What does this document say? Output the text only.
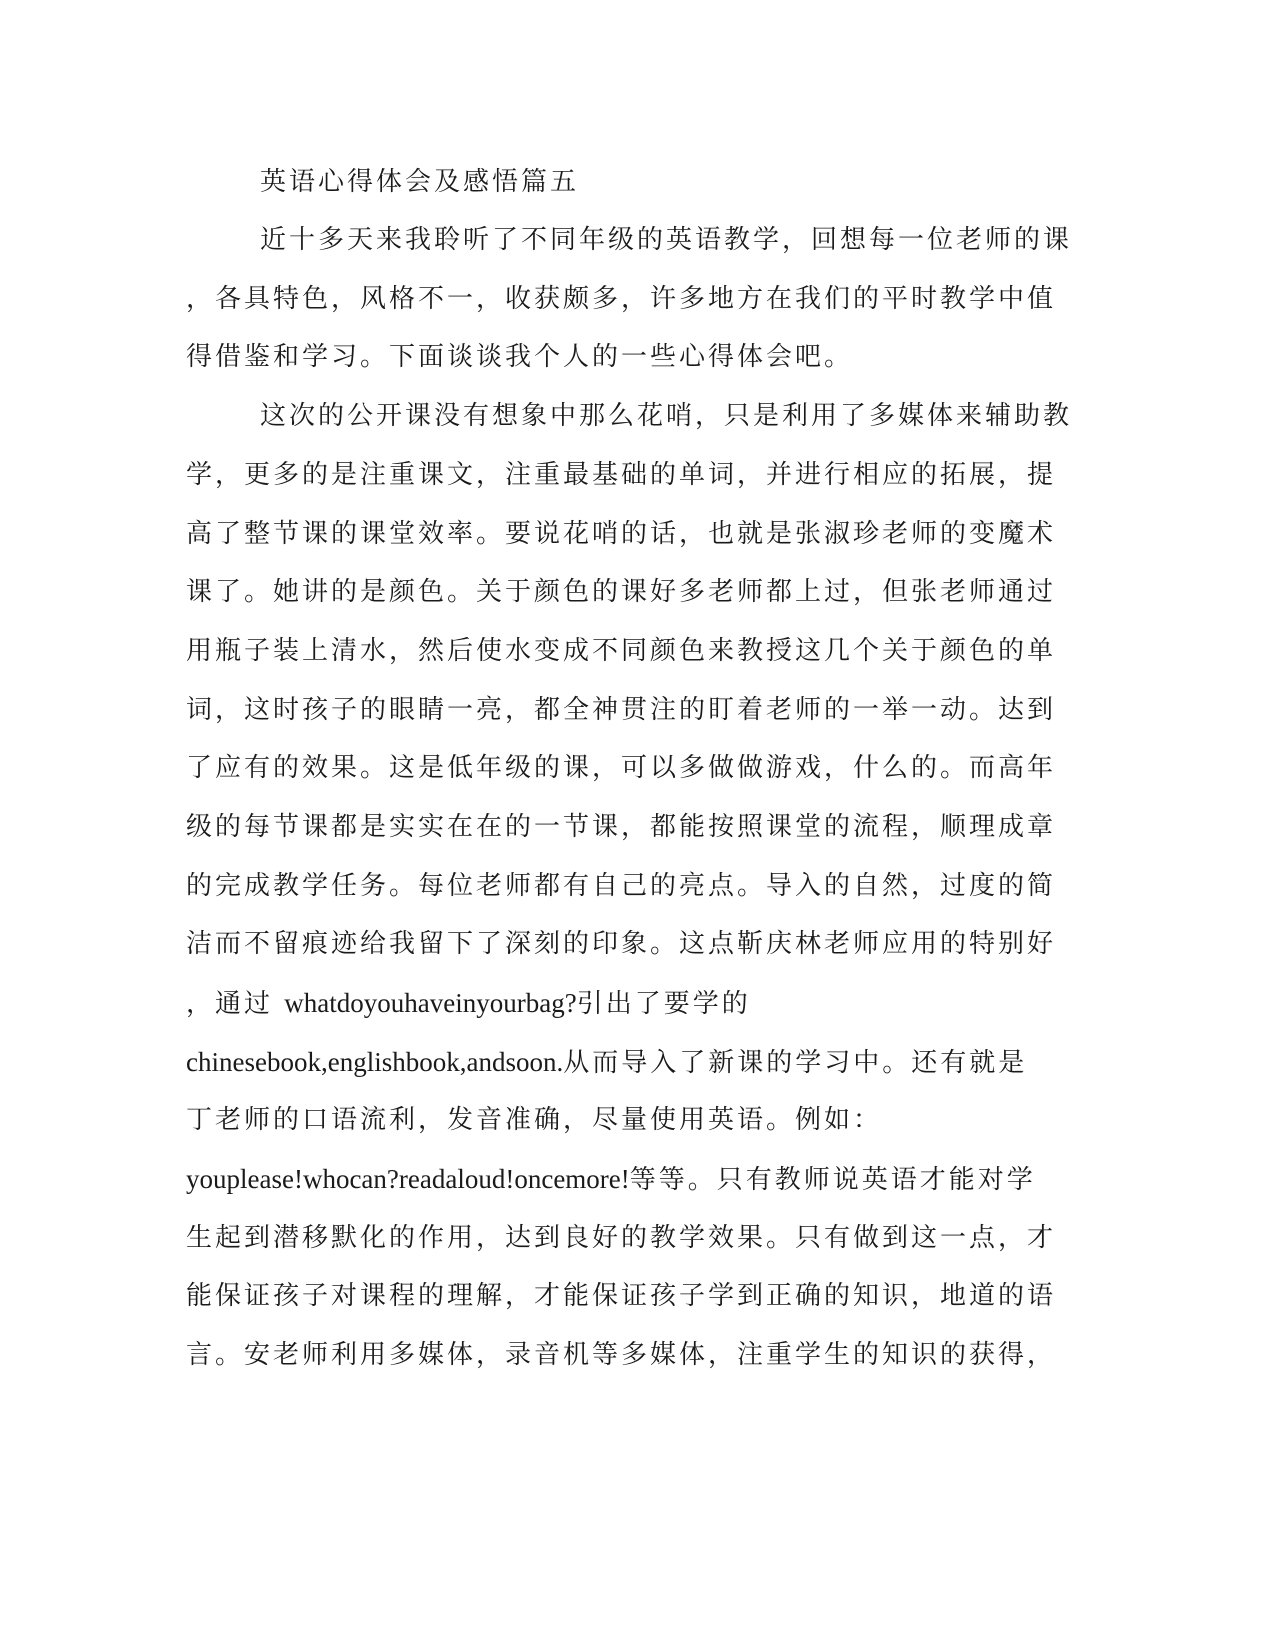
英语心得体会及感悟篇五
近十多天来我聆听了不同年级的英语教学，回想每一位老师的课
，各具特色，风格不一，收获颇多，许多地方在我们的平时教学中值
得借鉴和学习。下面谈谈我个人的一些心得体会吧。
这次的公开课没有想象中那么花哨，只是利用了多媒体来辅助教
学，更多的是注重课文，注重最基础的单词，并进行相应的拓展，提
高了整节课的课堂效率。要说花哨的话，也就是张淑珍老师的变魔术
课了。她讲的是颜色。关于颜色的课好多老师都上过，但张老师通过
用瓶子装上清水，然后使水变成不同颜色来教授这几个关于颜色的单
词，这时孩子的眼睛一亮，都全神贯注的盯着老师的一举一动。达到
了应有的效果。这是低年级的课，可以多做做游戏，什么的。而高年
级的每节课都是实实在在的一节课，都能按照课堂的流程，顺理成章
的完成教学任务。每位老师都有自己的亮点。导入的自然，过度的简
洁而不留痕迹给我留下了深刻的印象。这点靳庆林老师应用的特别好
，通过 whatdoyouhaveinyourbag?引出了要学的
chinesebook,englishbook,andsoon.从而导入了新课的学习中。还有就是
丁老师的口语流利，发音准确，尽量使用英语。例如：
youplease!whocan?readaloud!oncemore!等等。只有教师说英语才能对学
生起到潜移默化的作用，达到良好的教学效果。只有做到这一点，才
能保证孩子对课程的理解，才能保证孩子学到正确的知识，地道的语
言。安老师利用多媒体，录音机等多媒体，注重学生的知识的获得，
